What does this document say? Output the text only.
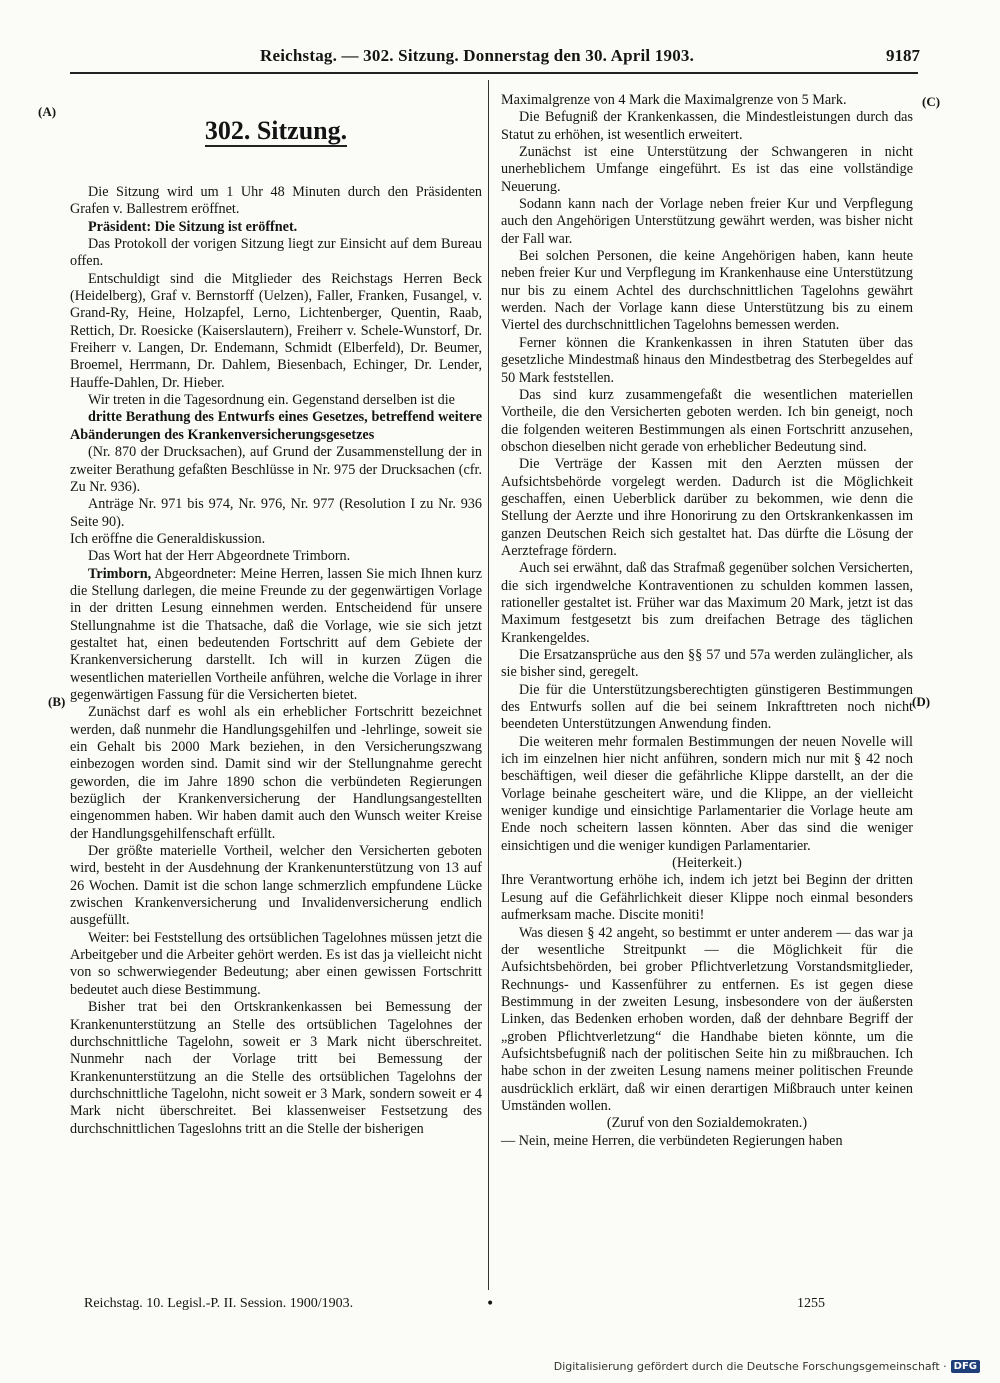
Reichstag. — 302. Sitzung. Donnerstag den 30. April 1903.	9187
(A)
(B)
(C)
(D)
302. Sitzung.

Die Sitzung wird um 1 Uhr 48 Minuten durch den Präsidenten Grafen v. Ballestrem eröffnet.

Präsident: Die Sitzung ist eröffnet.

Das Protokoll der vorigen Sitzung liegt zur Einsicht auf dem Bureau offen.

Entschuldigt sind die Mitglieder des Reichstags Herren Beck (Heidelberg), Graf v. Bernstorff (Uelzen), Faller, Franken, Fusangel, v. Grand-Ry, Heine, Holzapfel, Lerno, Lichtenberger, Quentin, Raab, Rettich, Dr. Roesicke (Kaiserslautern), Freiherr v. Schele-Wunstorf, Dr. Freiherr v. Langen, Dr. Endemann, Schmidt (Elberfeld), Dr. Beumer, Broemel, Herrmann, Dr. Dahlem, Biesenbach, Echinger, Dr. Lender, Hauffe-Dahlen, Dr. Hieber.

Wir treten in die Tagesordnung ein. Gegenstand derselben ist die

dritte Berathung des Entwurfs eines Gesetzes, betreffend weitere Abänderungen des Krankenversicherungsgesetzes

(Nr. 870 der Drucksachen), auf Grund der Zusammenstellung der in zweiter Berathung gefaßten Beschlüsse in Nr. 975 der Drucksachen (cfr. Zu Nr. 936).

Anträge Nr. 971 bis 974, Nr. 976, Nr. 977 (Resolution I zu Nr. 936 Seite 90).

Ich eröffne die Generaldiskussion.

Das Wort hat der Herr Abgeordnete Trimborn.

Trimborn, Abgeordneter: Meine Herren, lassen Sie mich Ihnen kurz die Stellung darlegen, die meine Freunde zu der gegenwärtigen Vorlage in der dritten Lesung einnehmen werden. Entscheidend für unsere Stellungnahme ist die Thatsache, daß die Vorlage, wie sie sich jetzt gestaltet hat, einen bedeutenden Fortschritt auf dem Gebiete der Krankenversicherung darstellt. Ich will in kurzen Zügen die wesentlichen materiellen Vortheile anführen, welche die Vorlage in ihrer gegenwärtigen Fassung für die Versicherten bietet.

Zunächst darf es wohl als ein erheblicher Fortschritt bezeichnet werden, daß nunmehr die Handlungsgehilfen und -lehrlinge, soweit sie ein Gehalt bis 2000 Mark beziehen, in den Versicherungszwang einbezogen worden sind. Damit sind wir der Stellungnahme gerecht geworden, die im Jahre 1890 schon die verbündeten Regierungen bezüglich der Krankenversicherung der Handlungsangestellten eingenommen haben. Wir haben damit auch den Wunsch weiter Kreise der Handlungsgehilfenschaft erfüllt.

Der größte materielle Vortheil, welcher den Versicherten geboten wird, besteht in der Ausdehnung der Krankenunterstützung von 13 auf 26 Wochen. Damit ist die schon lange schmerzlich empfundene Lücke zwischen Krankenversicherung und Invalidenversicherung endlich ausgefüllt.

Weiter: bei Feststellung des ortsüblichen Tagelohnes müssen jetzt die Arbeitgeber und die Arbeiter gehört werden. Es ist das ja vielleicht nicht von so schwerwiegender Bedeutung; aber einen gewissen Fortschritt bedeutet auch diese Bestimmung.

Bisher trat bei den Ortskrankenkassen bei Bemessung der Krankenunterstützung an Stelle des ortsüblichen Tagelohnes der durchschnittliche Tagelohn, soweit er 3 Mark nicht überschreitet. Nunmehr nach der Vorlage tritt bei Bemessung der Krankenunterstützung an die Stelle des ortsüblichen Tagelohns der durchschnittliche Tagelohn, nicht soweit er 3 Mark, sondern soweit er 4 Mark nicht überschreitet. Bei klassenweiser Festsetzung des durchschnittlichen Tageslohns tritt an die Stelle der bisherigen

Maximalgrenze von 4 Mark die Maximalgrenze von 5 Mark.

Die Befugniß der Krankenkassen, die Mindestleistungen durch das Statut zu erhöhen, ist wesentlich erweitert.

Zunächst ist eine Unterstützung der Schwangeren in nicht unerheblichem Umfange eingeführt. Es ist das eine vollständige Neuerung.

Sodann kann nach der Vorlage neben freier Kur und Verpflegung auch den Angehörigen Unterstützung gewährt werden, was bisher nicht der Fall war.

Bei solchen Personen, die keine Angehörigen haben, kann heute neben freier Kur und Verpflegung im Krankenhause eine Unterstützung nur bis zu einem Achtel des durchschnittlichen Tagelohns gewährt werden. Nach der Vorlage kann diese Unterstützung bis zu einem Viertel des durchschnittlichen Tagelohns bemessen werden.

Ferner können die Krankenkassen in ihren Statuten über das gesetzliche Mindestmaß hinaus den Mindestbetrag des Sterbegeldes auf 50 Mark feststellen.

Das sind kurz zusammengefaßt die wesentlichen materiellen Vortheile, die den Versicherten geboten werden. Ich bin geneigt, noch die folgenden weiteren Bestimmungen als einen Fortschritt anzusehen, obschon dieselben nicht gerade von erheblicher Bedeutung sind.

Die Verträge der Kassen mit den Aerzten müssen der Aufsichtsbehörde vorgelegt werden. Dadurch ist die Möglichkeit geschaffen, einen Ueberblick darüber zu bekommen, wie denn die Stellung der Aerzte und ihre Honorirung zu den Ortskrankenkassen im ganzen Deutschen Reich sich gestaltet hat. Das dürfte die Lösung der Aerztefrage fördern.

Auch sei erwähnt, daß das Strafmaß gegenüber solchen Versicherten, die sich irgendwelche Kontraventionen zu schulden kommen lassen, rationeller gestaltet ist. Früher war das Maximum 20 Mark, jetzt ist das Maximum festgesetzt bis zum dreifachen Betrage des täglichen Krankengeldes.

Die Ersatzansprüche aus den §§ 57 und 57a werden zulänglicher, als sie bisher sind, geregelt.

Die für die Unterstützungsberechtigten günstigeren Bestimmungen des Entwurfs sollen auf die bei seinem Inkrafttreten noch nicht beendeten Unterstützungen Anwendung finden.

Die weiteren mehr formalen Bestimmungen der neuen Novelle will ich im einzelnen hier nicht anführen, sondern mich nur mit § 42 noch beschäftigen, weil dieser die gefährliche Klippe darstellt, an der die Vorlage beinahe gescheitert wäre, und die Klippe, an der vielleicht weniger kundige und einsichtige Parlamentarier die Vorlage heute am Ende noch scheitern lassen könnten. Aber das sind die weniger einsichtigen und die weniger kundigen Parlamentarier.

(Heiterkeit.)

Ihre Verantwortung erhöhe ich, indem ich jetzt bei Beginn der dritten Lesung auf die Gefährlichkeit dieser Klippe noch einmal besonders aufmerksam mache. Discite moniti!

Was diesen § 42 angeht, so bestimmt er unter anderem — das war ja der wesentliche Streitpunkt — die Möglichkeit für die Aufsichtsbehörden, bei grober Pflichtverletzung Vorstandsmitglieder, Rechnungs- und Kassenführer zu entfernen. Es ist gegen diese Bestimmung in der zweiten Lesung, insbesondere von der äußersten Linken, das Bedenken erhoben worden, daß der dehnbare Begriff der „groben Pflichtverletzung“ die Handhabe bieten könnte, um die Aufsichtsbefugniß nach der politischen Seite hin zu mißbrauchen. Ich habe schon in der zweiten Lesung namens meiner politischen Freunde ausdrücklich erklärt, daß wir einen derartigen Mißbrauch unter keinen Umständen wollen.

(Zuruf von den Sozialdemokraten.)

— Nein, meine Herren, die verbündeten Regierungen haben

Reichstag. 10. Legisl.-P. II. Session. 1900/1903.	•	1255
Digitalisierung gefördert durch die Deutsche Forschungsgemeinschaft · DFG
